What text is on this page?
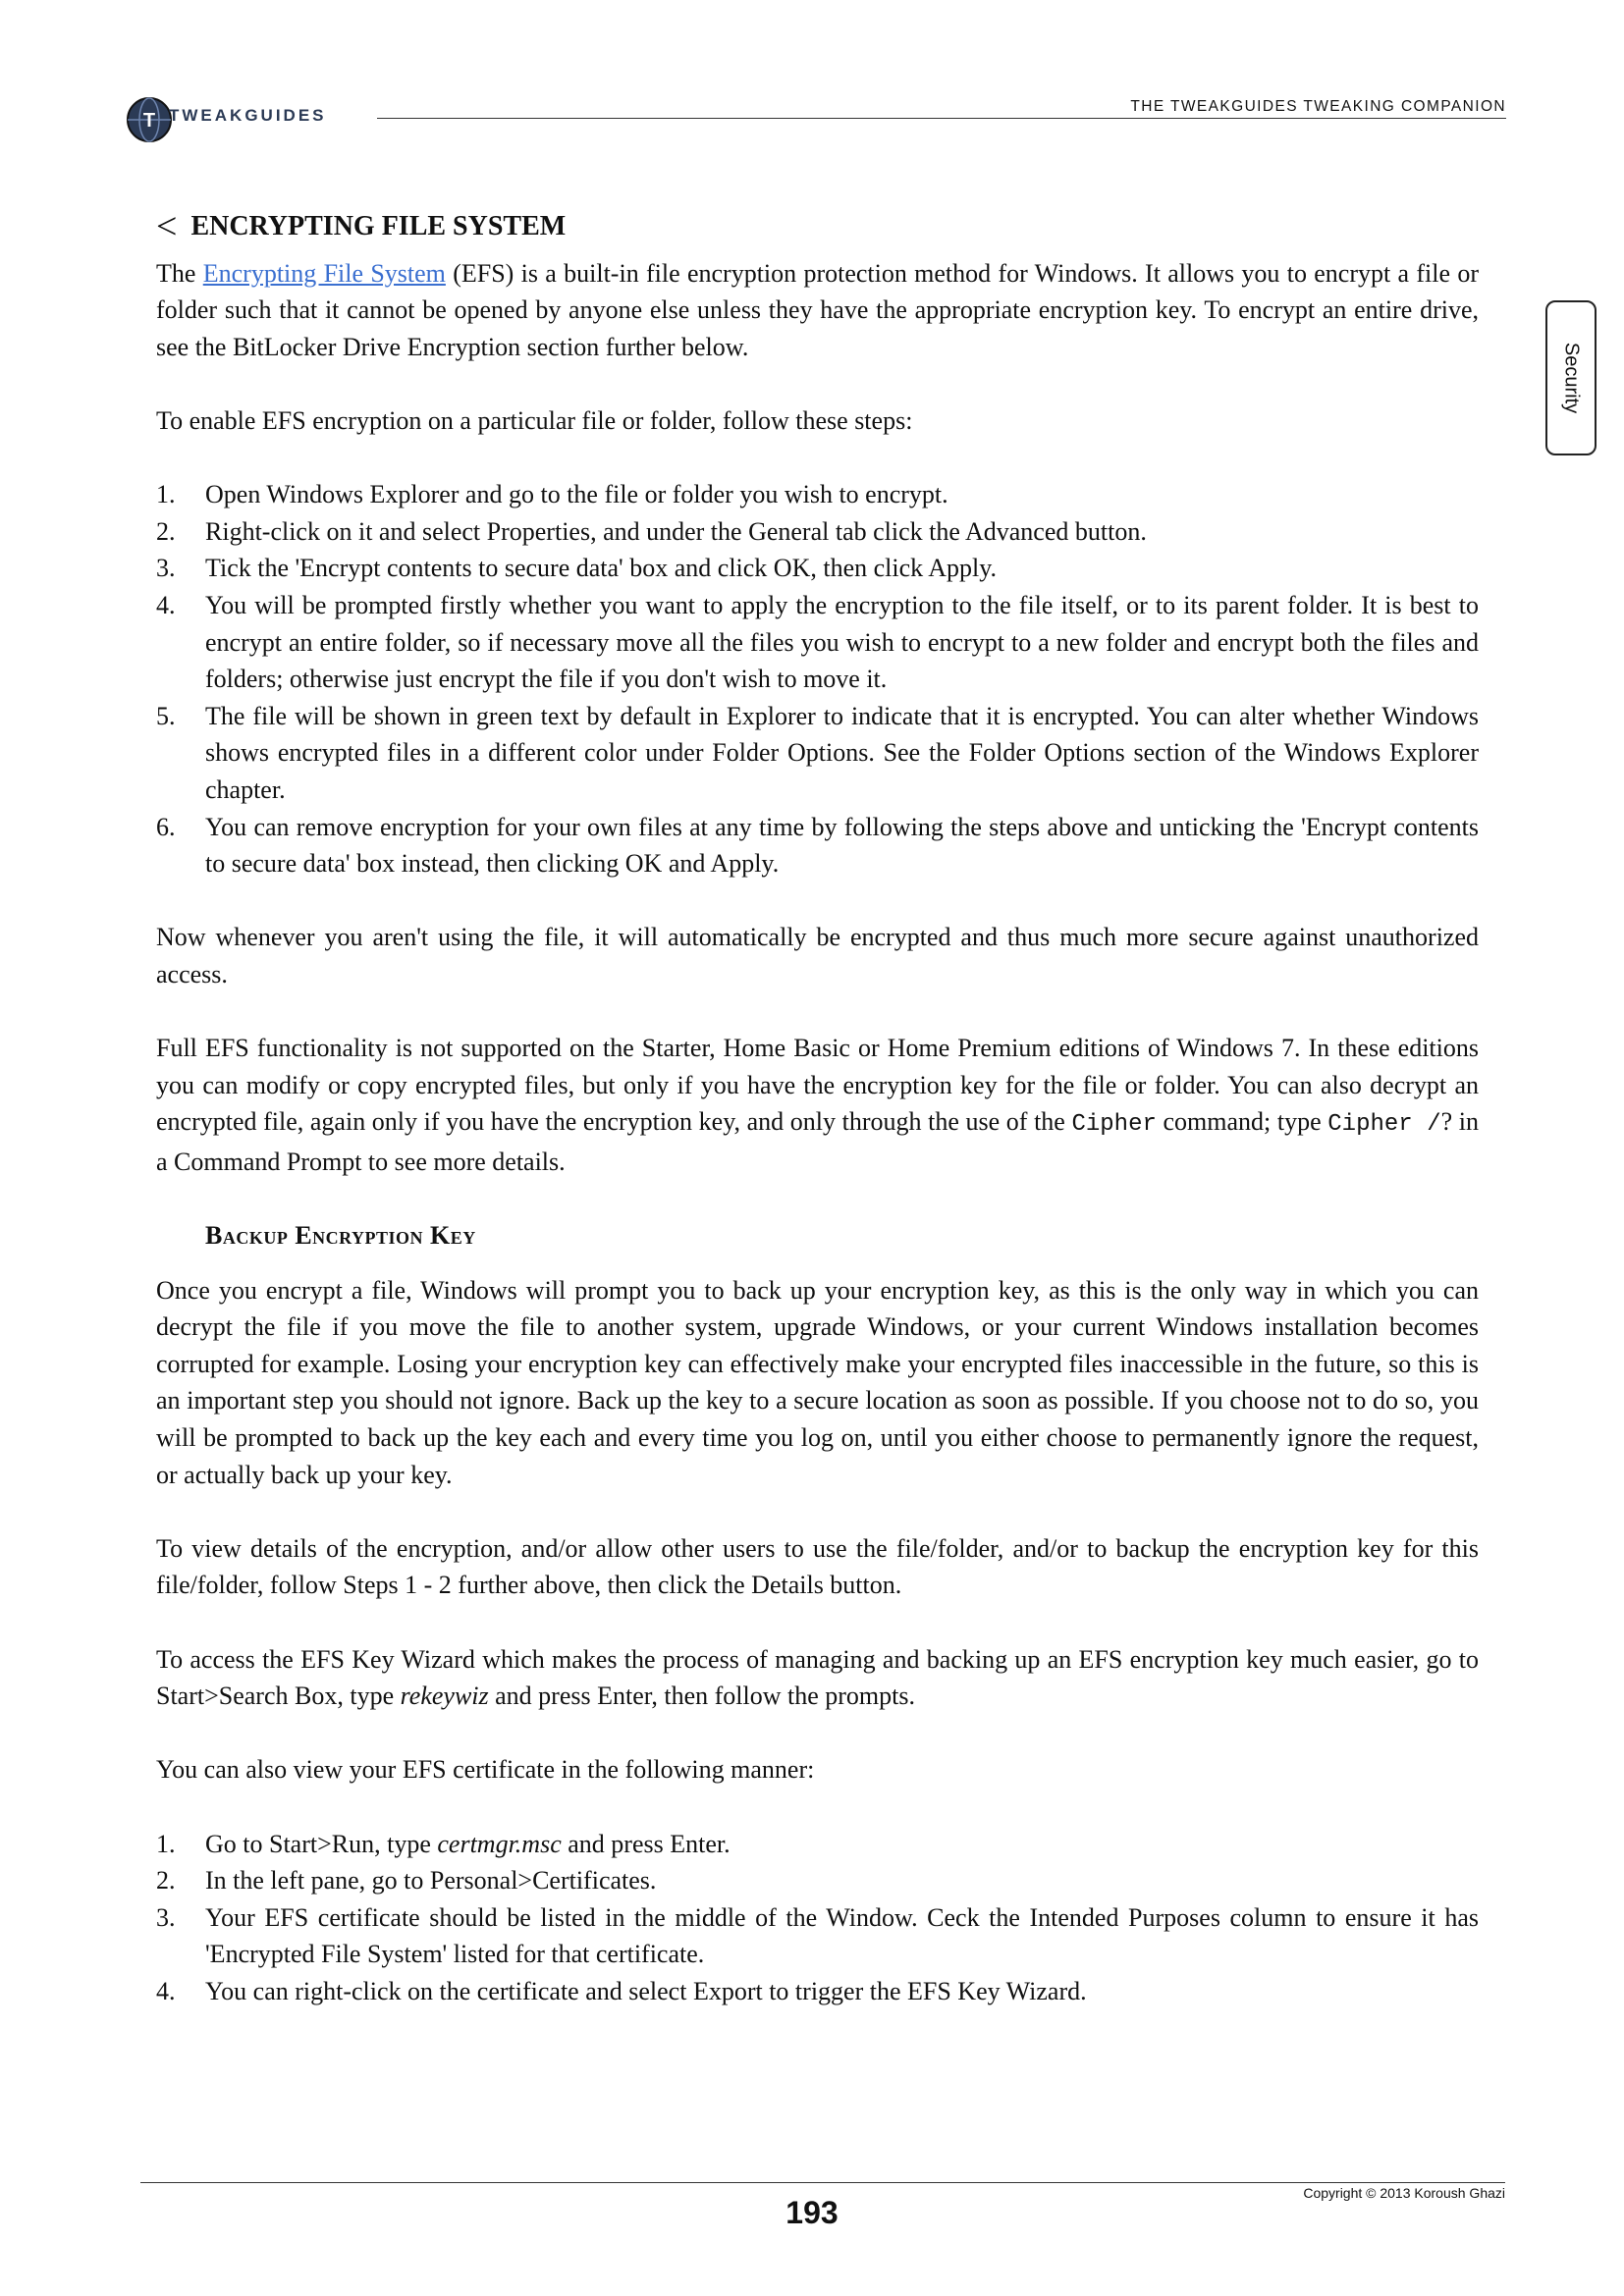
T TWEAKGUIDES	THE TWEAKGUIDES TWEAKING COMPANION
Security
< ENCRYPTING FILE SYSTEM

The Encrypting File System (EFS) is a built-in file encryption protection method for Windows. It allows you to encrypt a file or folder such that it cannot be opened by anyone else unless they have the appropriate encryption key. To encrypt an entire drive, see the BitLocker Drive Encryption section further below.

To enable EFS encryption on a particular file or folder, follow these steps:

1.	Open Windows Explorer and go to the file or folder you wish to encrypt.
2.	Right-click on it and select Properties, and under the General tab click the Advanced button.
3.	Tick the 'Encrypt contents to secure data' box and click OK, then click Apply.
4.	You will be prompted firstly whether you want to apply the encryption to the file itself, or to its parent folder. It is best to encrypt an entire folder, so if necessary move all the files you wish to encrypt to a new folder and encrypt both the files and folders; otherwise just encrypt the file if you don't wish to move it.
5.	The file will be shown in green text by default in Explorer to indicate that it is encrypted. You can alter whether Windows shows encrypted files in a different color under Folder Options. See the Folder Options section of the Windows Explorer chapter.
6.	You can remove encryption for your own files at any time by following the steps above and unticking the 'Encrypt contents to secure data' box instead, then clicking OK and Apply.

Now whenever you aren't using the file, it will automatically be encrypted and thus much more secure against unauthorized access.

Full EFS functionality is not supported on the Starter, Home Basic or Home Premium editions of Windows 7. In these editions you can modify or copy encrypted files, but only if you have the encryption key for the file or folder. You can also decrypt an encrypted file, again only if you have the encryption key, and only through the use of the Cipher command; type Cipher /? in a Command Prompt to see more details.

Backup Encryption Key

Once you encrypt a file, Windows will prompt you to back up your encryption key, as this is the only way in which you can decrypt the file if you move the file to another system, upgrade Windows, or your current Windows installation becomes corrupted for example. Losing your encryption key can effectively make your encrypted files inaccessible in the future, so this is an important step you should not ignore. Back up the key to a secure location as soon as possible. If you choose not to do so, you will be prompted to back up the key each and every time you log on, until you either choose to permanently ignore the request, or actually back up your key.

To view details of the encryption, and/or allow other users to use the file/folder, and/or to backup the encryption key for this file/folder, follow Steps 1 - 2 further above, then click the Details button.

To access the EFS Key Wizard which makes the process of managing and backing up an EFS encryption key much easier, go to Start>Search Box, type rekeywiz and press Enter, then follow the prompts.

You can also view your EFS certificate in the following manner:

1.	Go to Start>Run, type certmgr.msc and press Enter.
2.	In the left pane, go to Personal>Certificates.
3.	Your EFS certificate should be listed in the middle of the Window. Ceck the Intended Purposes column to ensure it has 'Encrypted File System' listed for that certificate.
4.	You can right-click on the certificate and select Export to trigger the EFS Key Wizard.
Copyright © 2013 Koroush Ghazi
193
